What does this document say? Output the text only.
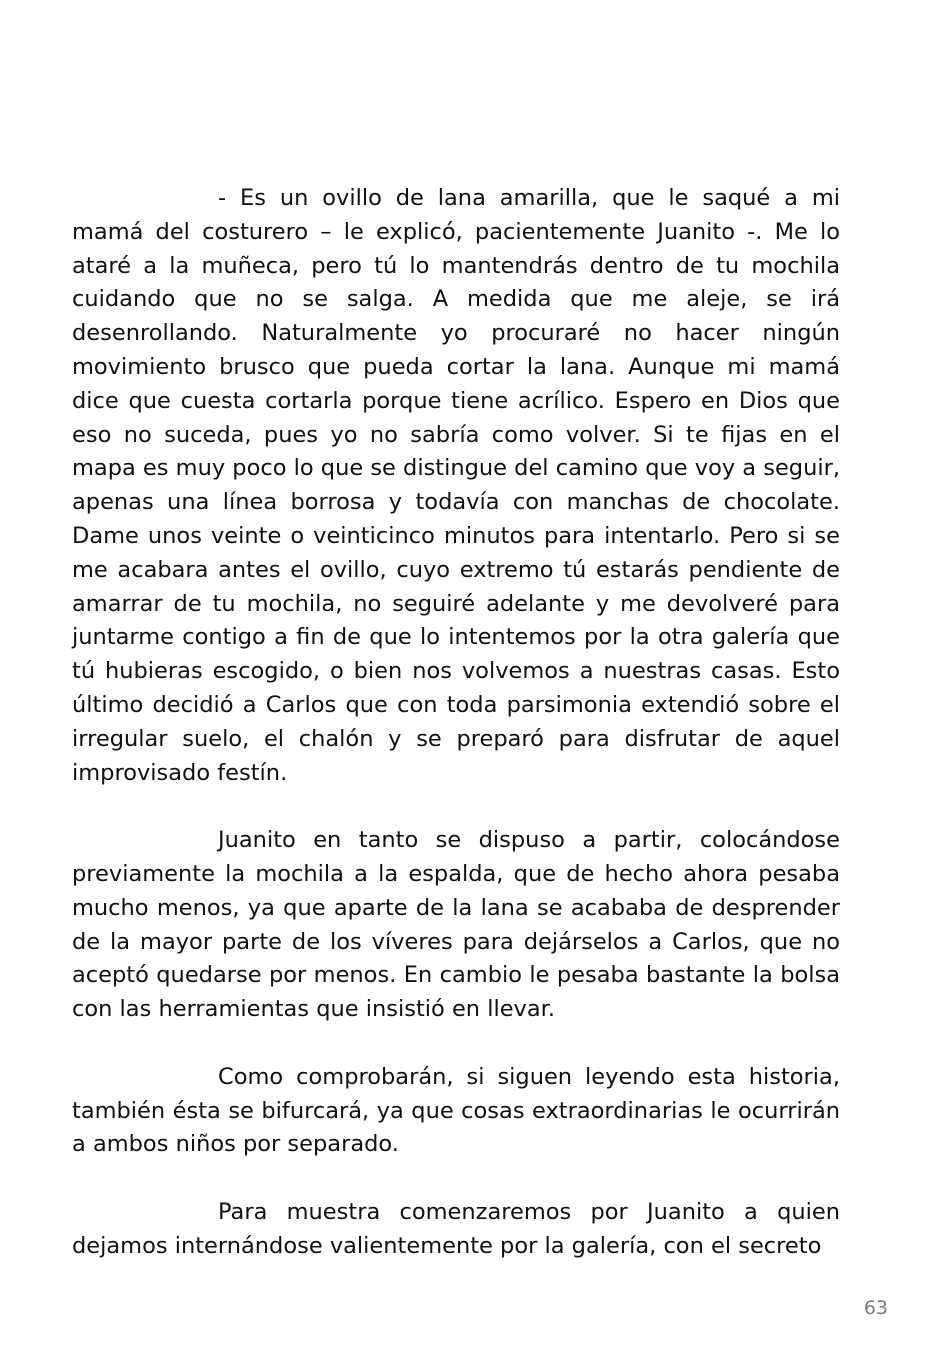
- Es un ovillo de lana amarilla, que le saqué a mi mamá del costurero – le explicó, pacientemente Juanito -. Me lo ataré a la muñeca, pero tú lo mantendrás dentro de tu mochila cuidando que no se salga. A medida que me aleje, se irá desenrollando. Naturalmente yo procuraré no hacer ningún movimiento brusco que pueda cortar la lana. Aunque mi mamá dice que cuesta cortarla porque tiene acrílico. Espero en Dios que eso no suceda, pues yo no sabría como volver. Si te fijas en el mapa es muy poco lo que se distingue del camino que voy a seguir, apenas una línea borrosa y todavía con manchas de chocolate. Dame unos veinte o veinticinco minutos para intentarlo. Pero si se me acabara antes el ovillo, cuyo extremo tú estarás pendiente de amarrar de tu mochila, no seguiré adelante y me devolveré para juntarme contigo a fin de que lo intentemos por la otra galería que tú hubieras escogido, o bien nos volvemos a nuestras casas. Esto último decidió a Carlos que con toda parsimonia extendió sobre el irregular suelo, el chalón y se preparó para disfrutar de aquel improvisado festín.

Juanito en tanto se dispuso a partir, colocándose previamente la mochila a la espalda, que de hecho ahora pesaba mucho menos, ya que aparte de la lana se acababa de desprender de la mayor parte de los víveres para dejárselos a Carlos, que no aceptó quedarse por menos. En cambio le pesaba bastante la bolsa con las herramientas que insistió en llevar.

Como comprobarán, si siguen leyendo esta historia, también ésta se bifurcará, ya que cosas extraordinarias le ocurrirán a ambos niños por separado.

Para muestra comenzaremos por Juanito a quien dejamos internándose valientemente por la galería, con el secreto

63
